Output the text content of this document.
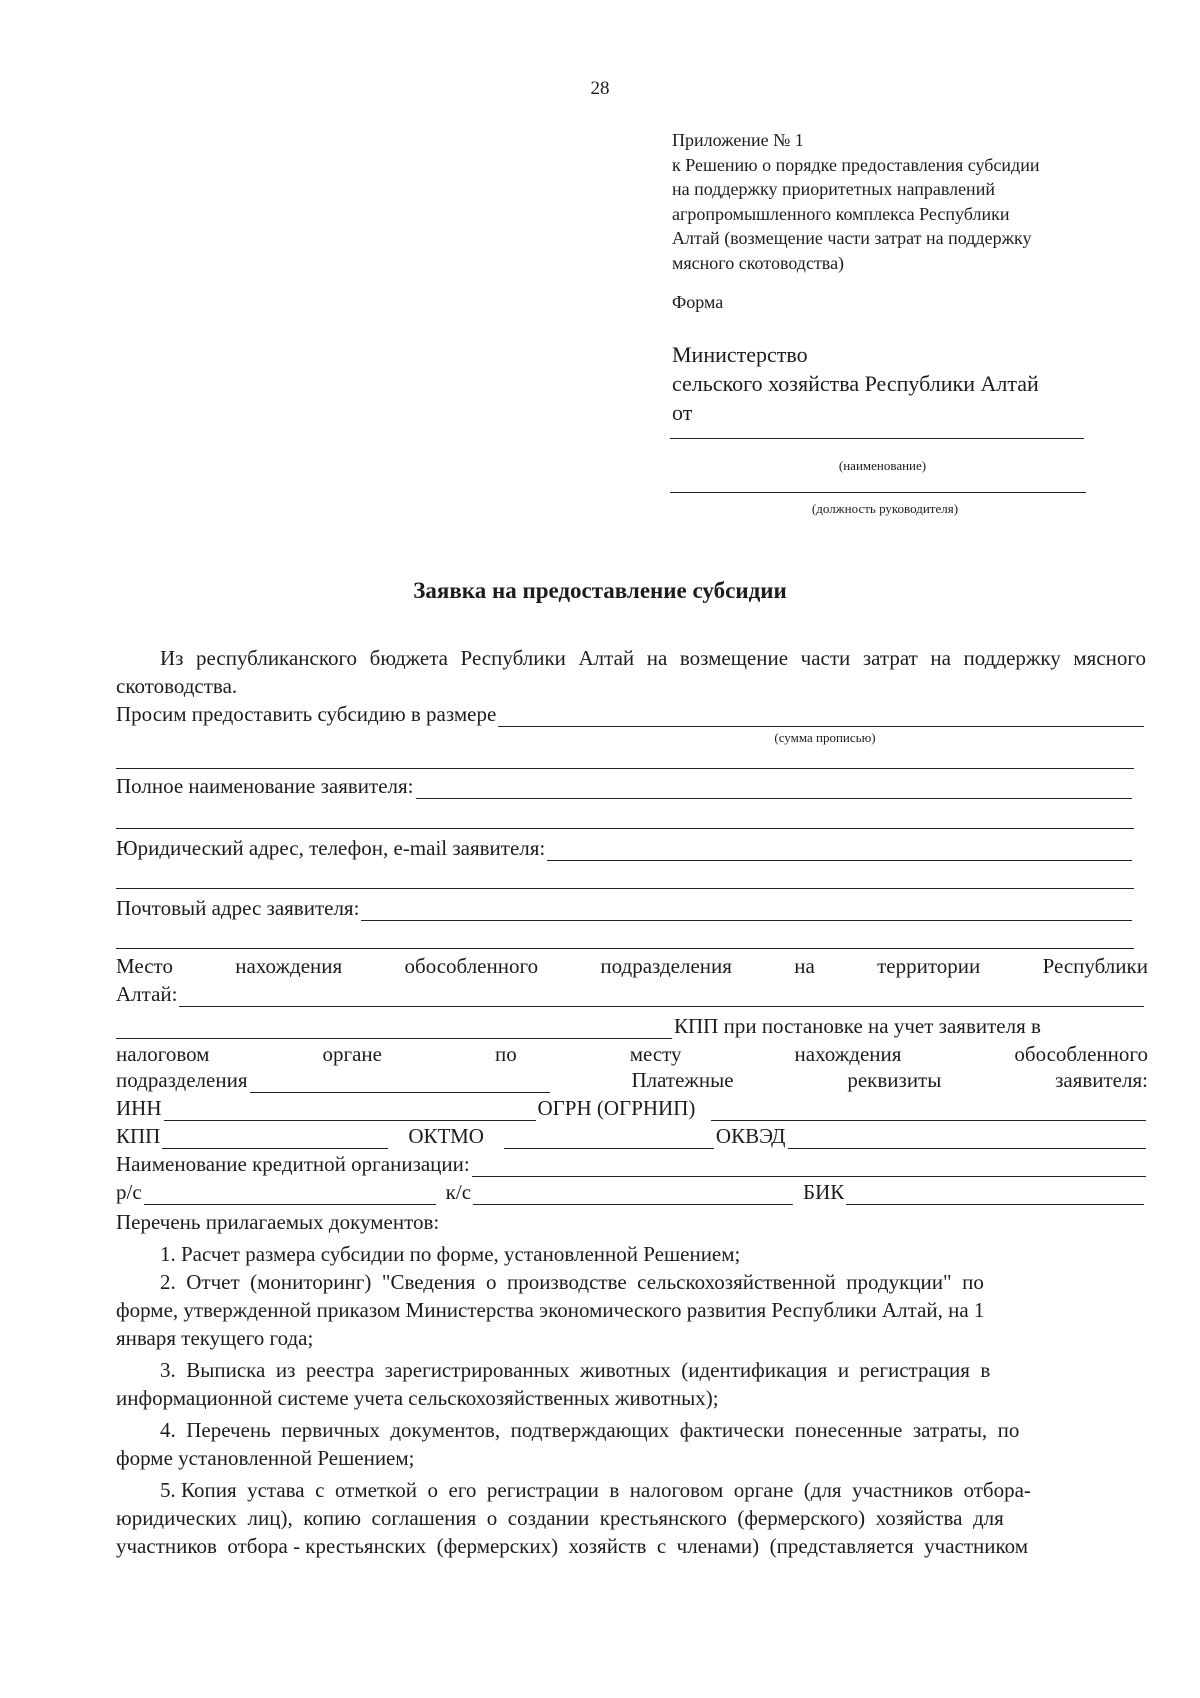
28
Приложение № 1
к Решению о порядке предоставления субсидии
на поддержку приоритетных направлений
агропромышленного комплекса Республики
Алтай (возмещение части затрат на поддержку
мясного скотоводства)
Форма
Министерство
сельского хозяйства Республики Алтай
от
(наименование)
(должность руководителя)
Заявка на предоставление субсидии
Из республиканского бюджета Республики Алтай на возмещение части затрат на поддержку мясного скотоводства.
Просим предоставить субсидию в размере
(сумма прописью)
Полное наименование заявителя:
Юридический адрес, телефон, e-mail заявителя:
Почтовый адрес заявителя:
Место	нахождения	обособленного	подразделения	на	территории	Республики
Алтай:
КПП при постановке на учет заявителя в
налоговом	органе	по	месту	нахождения	обособленного
подразделения	Платежные	реквизиты	заявителя:
ИНН	ОГРН (ОГРНИП)
КПП	ОКТМО	ОКВЭД
Наименование кредитной организации:
р/с	к/с	БИК
Перечень прилагаемых документов:
1. Расчет размера субсидии по форме, установленной Решением;
2.  Отчет  (мониторинг)  "Сведения  о  производстве  сельскохозяйственной  продукции"  по
форме, утвержденной приказом Министерства экономического развития Республики Алтай, на 1
января текущего года;
3.  Выписка  из  реестра  зарегистрированных  животных  (идентификация  и  регистрация  в
информационной системе учета сельскохозяйственных животных);
4.  Перечень  первичных  документов,  подтверждающих  фактически  понесенные  затраты,  по
форме установленной Решением;
5. Копия  устава  с  отметкой  о  его  регистрации  в  налоговом  органе  (для  участников  отбора-
юридических  лиц),  копию  соглашения  о  создании  крестьянского  (фермерского)  хозяйства  для
участников  отбора - крестьянских  (фермерских)  хозяйств  с  членами)  (представляется  участником
